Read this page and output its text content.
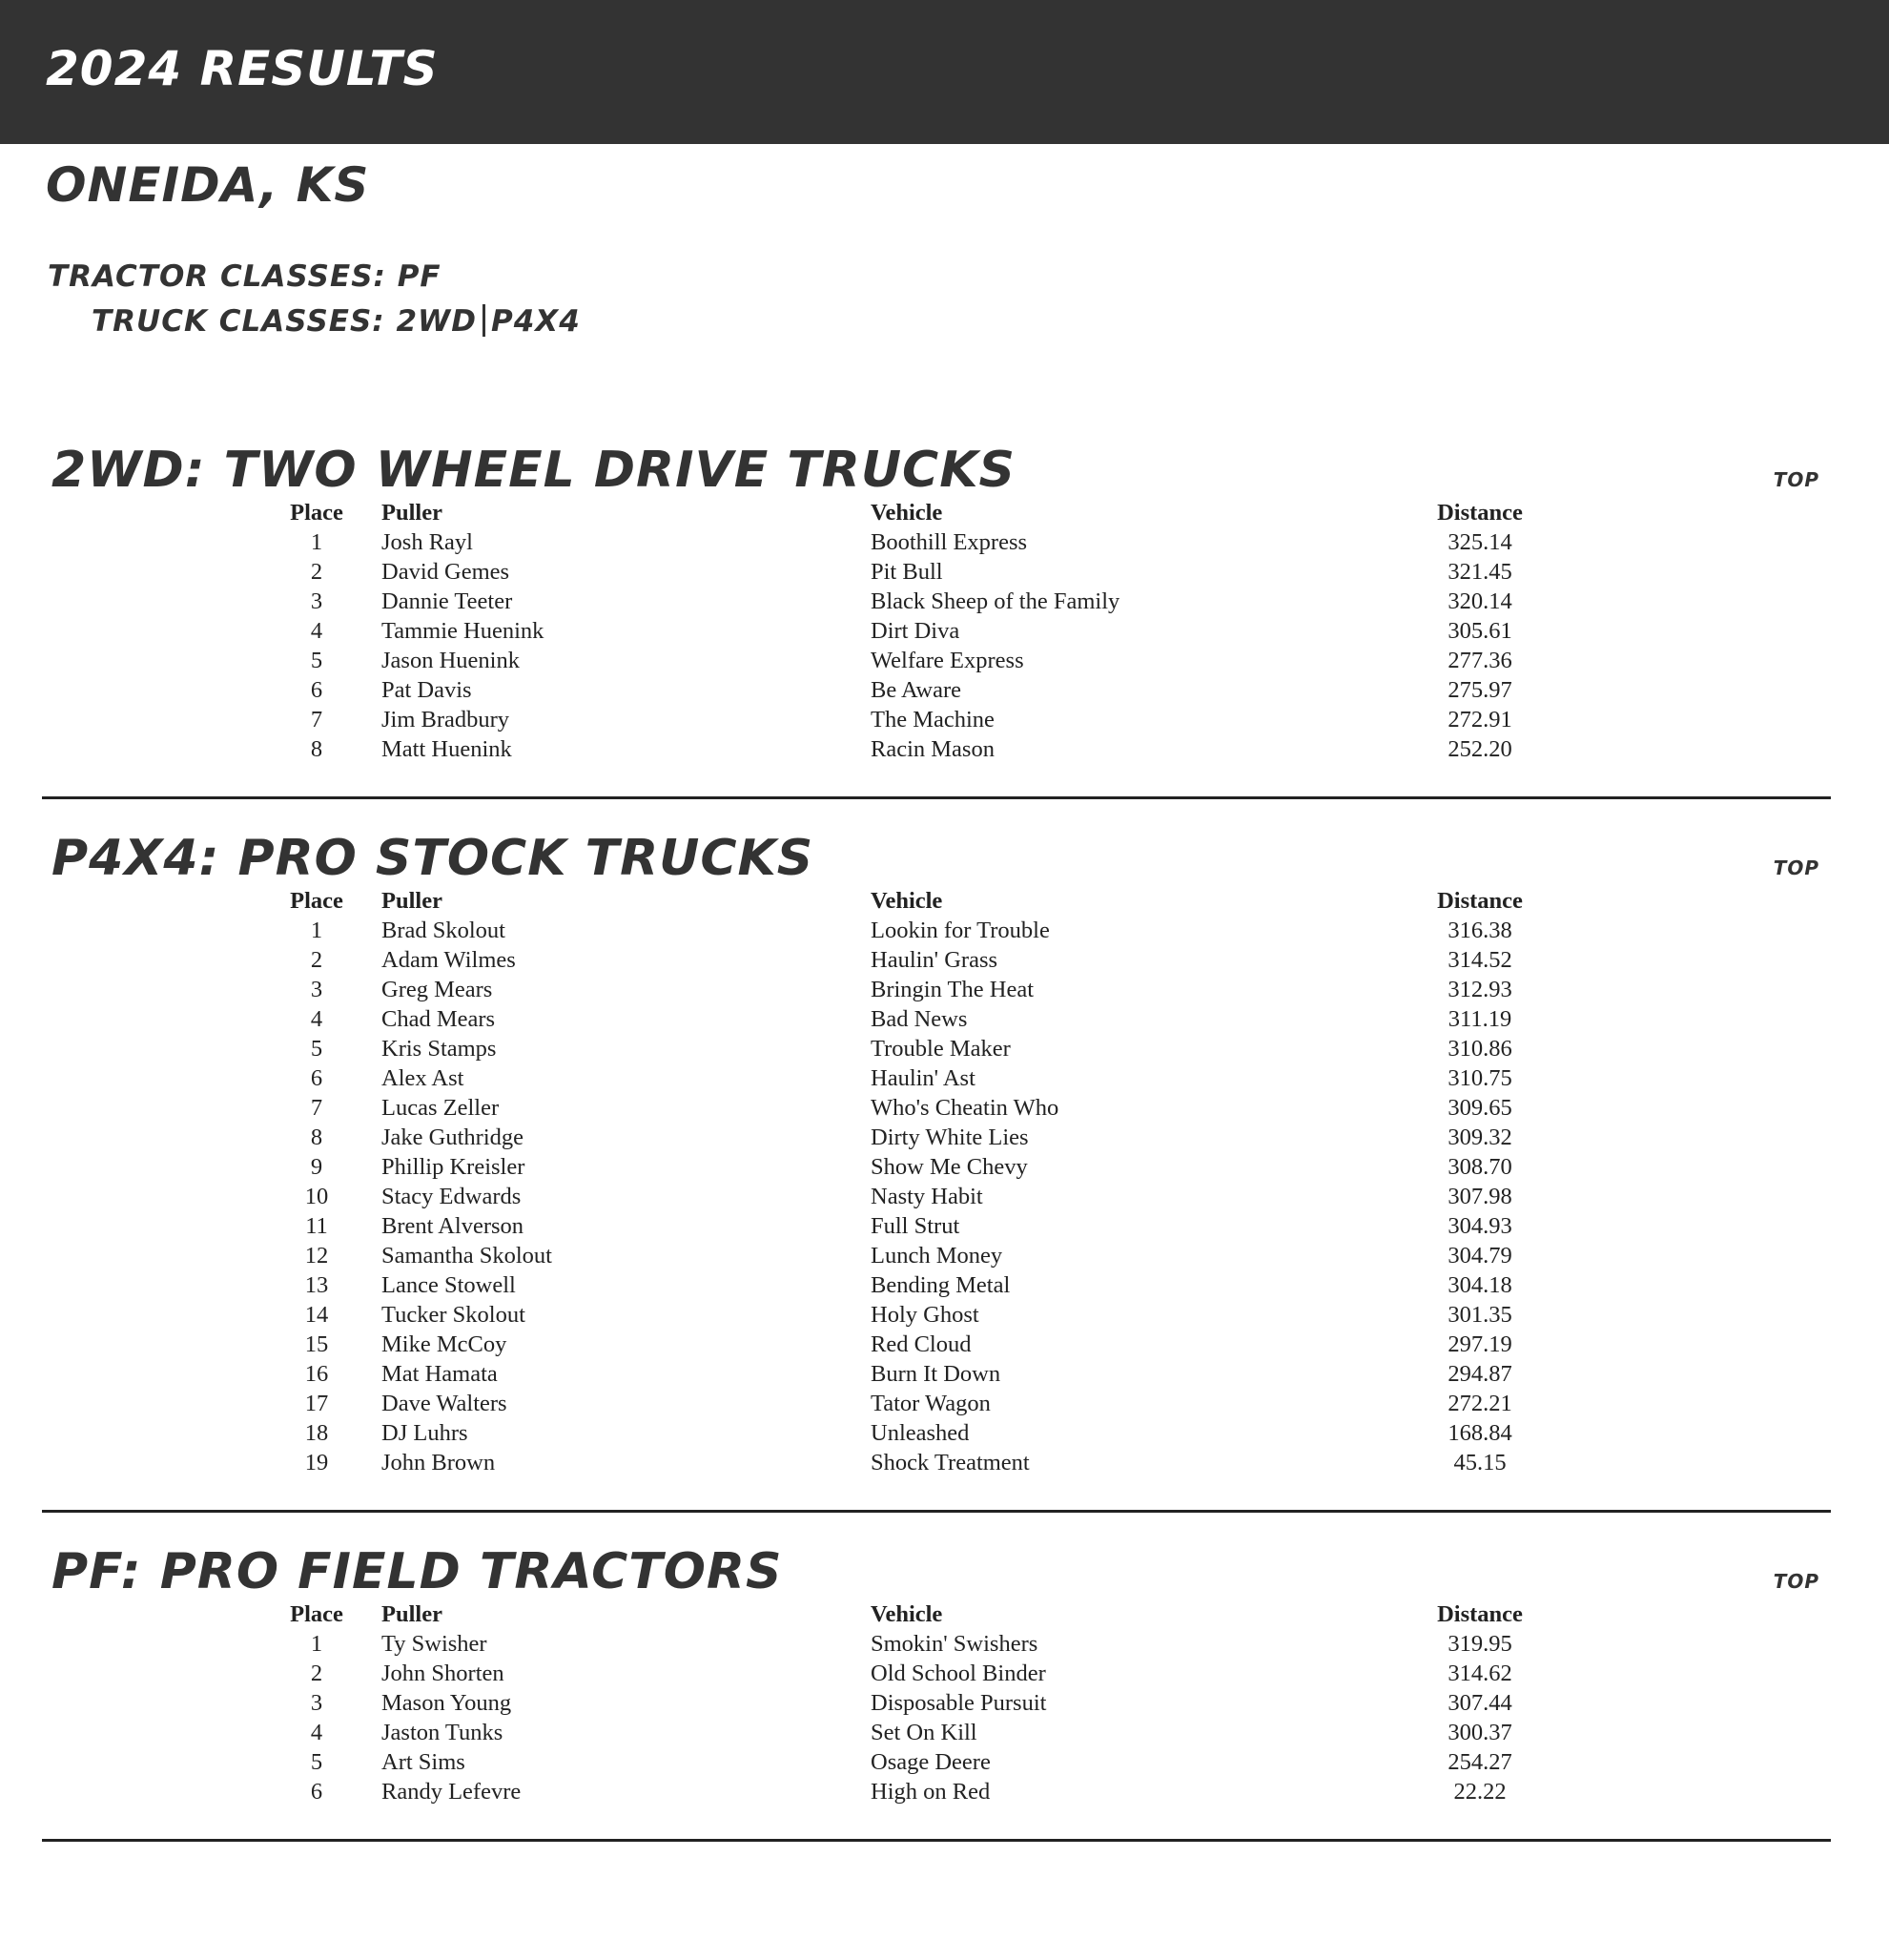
2024 RESULTS
ONEIDA, KS
TRACTOR CLASSES: PF
TRUCK CLASSES: 2WD P4X4
2WD: TWO WHEEL DRIVE TRUCKS	TOP
Place	Puller	Vehicle	Distance
1	Josh Rayl	Boothill Express	325.14
2	David Gemes	Pit Bull	321.45
3	Dannie Teeter	Black Sheep of the Family	320.14
4	Tammie Huenink	Dirt Diva	305.61
5	Jason Huenink	Welfare Express	277.36
6	Pat Davis	Be Aware	275.97
7	Jim Bradbury	The Machine	272.91
8	Matt Huenink	Racin Mason	252.20
P4X4: PRO STOCK TRUCKS	TOP
Place	Puller	Vehicle	Distance
1	Brad Skolout	Lookin for Trouble	316.38
2	Adam Wilmes	Haulin' Grass	314.52
3	Greg Mears	Bringin The Heat	312.93
4	Chad Mears	Bad News	311.19
5	Kris Stamps	Trouble Maker	310.86
6	Alex Ast	Haulin' Ast	310.75
7	Lucas Zeller	Who's Cheatin Who	309.65
8	Jake Guthridge	Dirty White Lies	309.32
9	Phillip Kreisler	Show Me Chevy	308.70
10	Stacy Edwards	Nasty Habit	307.98
11	Brent Alverson	Full Strut	304.93
12	Samantha Skolout	Lunch Money	304.79
13	Lance Stowell	Bending Metal	304.18
14	Tucker Skolout	Holy Ghost	301.35
15	Mike McCoy	Red Cloud	297.19
16	Mat Hamata	Burn It Down	294.87
17	Dave Walters	Tator Wagon	272.21
18	DJ Luhrs	Unleashed	168.84
19	John Brown	Shock Treatment	45.15
PF: PRO FIELD TRACTORS	TOP
Place	Puller	Vehicle	Distance
1	Ty Swisher	Smokin' Swishers	319.95
2	John Shorten	Old School Binder	314.62
3	Mason Young	Disposable Pursuit	307.44
4	Jaston Tunks	Set On Kill	300.37
5	Art Sims	Osage Deere	254.27
6	Randy Lefevre	High on Red	22.22
